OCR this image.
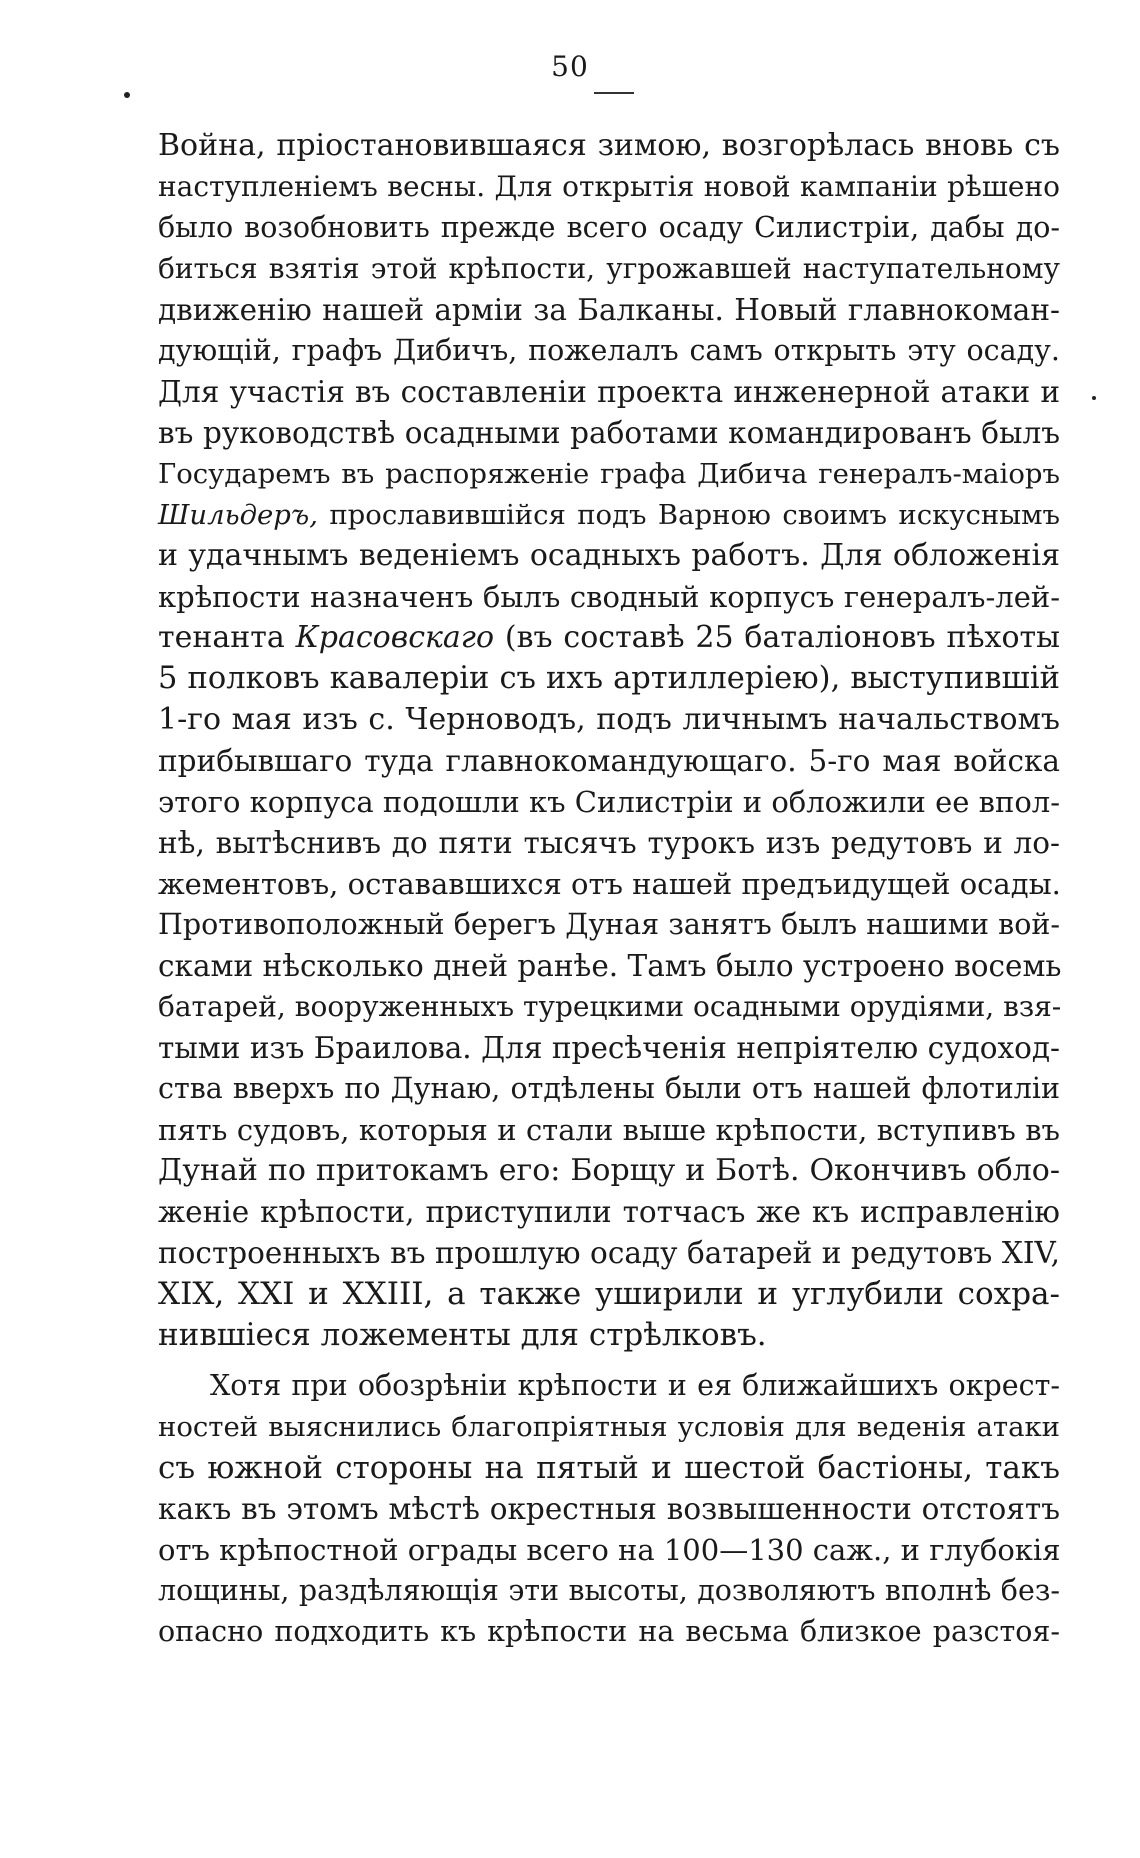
50
Война, пріостановившаяся зимою, возгорѣлась вновь съ
наступленіемъ весны. Для открытія новой кампаніи рѣшено
было возобновить прежде всего осаду Силистріи, дабы до-
биться взятія этой крѣпости, угрожавшей наступательному
движенію нашей арміи за Балканы. Новый главнокоман-
дующій, графъ Дибичъ, пожелалъ самъ открыть эту осаду.
Для участія въ составленіи проекта инженерной атаки и
въ руководствѣ осадными работами командированъ былъ
Государемъ въ распоряженіе графа Дибича генералъ-маіоръ
Шильдеръ, прославившійся подъ Варною своимъ искуснымъ
и удачнымъ веденіемъ осадныхъ работъ. Для обложенія
крѣпости назначенъ былъ сводный корпусъ генералъ-лей-
тенанта Красовскаго (въ составѣ 25 баталіоновъ пѣхоты
5 полковъ кавалеріи съ ихъ артиллеріею), выступившій
1-го мая изъ с. Черноводъ, подъ личнымъ начальствомъ
прибывшаго туда главнокомандующаго. 5-го мая войска
этого корпуса подошли къ Силистріи и обложили ее впол-
нѣ, вытѣснивъ до пяти тысячъ турокъ изъ редутовъ и ло-
жементовъ, остававшихся отъ нашей предъидущей осады.
Противоположный берегъ Дуная занятъ былъ нашими вой-
сками нѣсколько дней ранѣе. Тамъ было устроено восемь
батарей, вооруженныхъ турецкими осадными орудіями, взя-
тыми изъ Браилова. Для пресѣченія непріятелю судоход-
ства вверхъ по Дунаю, отдѣлены были отъ нашей флотиліи
пять судовъ, которыя и стали выше крѣпости, вступивъ въ
Дунай по притокамъ его: Борщу и Ботѣ. Окончивъ обло-
женіе крѣпости, приступили тотчасъ же къ исправленію
построенныхъ въ прошлую осаду батарей и редутовъ XIV,
XIX, XXI и XXIII, а также уширили и углубили сохра-
нившіеся ложементы для стрѣлковъ.
Хотя при обозрѣніи крѣпости и ея ближайшихъ окрест-
ностей выяснились благопріятныя условія для веденія атаки
съ южной стороны на пятый и шестой бастіоны, такъ
какъ въ этомъ мѣстѣ окрестныя возвышенности отстоятъ
отъ крѣпостной ограды всего на 100—130 саж., и глубокія
лощины, раздѣляющія эти высоты, дозволяютъ вполнѣ без-
опасно подходить къ крѣпости на весьма близкое разстоя-
